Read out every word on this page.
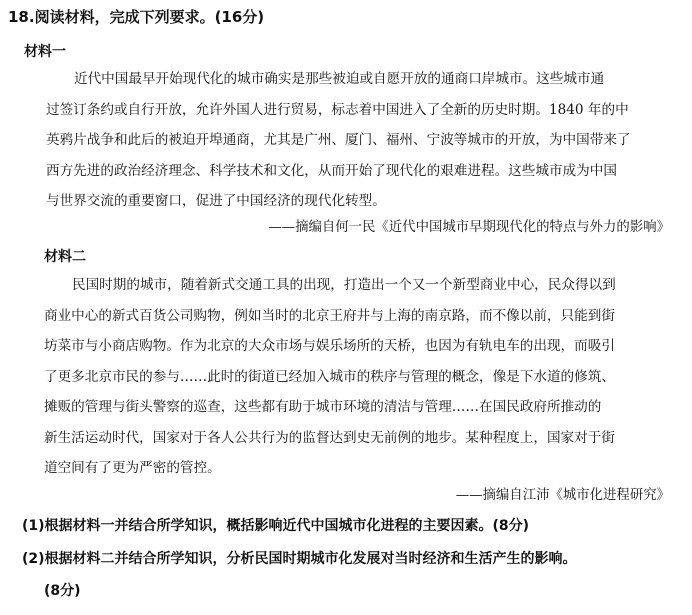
18.阅读材料，完成下列要求。(16分)
材料一
近代中国最早开始现代化的城市确实是那些被迫或自愿开放的通商口岸城市。这些城市通
过签订条约或自行开放，允许外国人进行贸易，标志着中国进入了全新的历史时期。1840 年的中
英鸦片战争和此后的被迫开埠通商，尤其是广州、厦门、福州、宁波等城市的开放，为中国带来了
西方先进的政治经济理念、科学技术和文化，从而开始了现代化的艰难进程。这些城市成为中国
与世界交流的重要窗口，促进了中国经济的现代化转型。
——摘编自何一民《近代中国城市早期现代化的特点与外力的影响》
材料二
民国时期的城市，随着新式交通工具的出现，打造出一个又一个新型商业中心，民众得以到
商业中心的新式百货公司购物，例如当时的北京王府井与上海的南京路，而不像以前，只能到街
坊菜市与小商店购物。作为北京的大众市场与娱乐场所的天桥，也因为有轨电车的出现，而吸引
了更多北京市民的参与……此时的街道已经加入城市的秩序与管理的概念，像是下水道的修筑、
摊贩的管理与街头警察的巡查，这些都有助于城市环境的清洁与管理……在国民政府所推动的
新生活运动时代，国家对于各人公共行为的监督达到史无前例的地步。某种程度上，国家对于街
道空间有了更为严密的管控。
——摘编自江沛《城市化进程研究》
(1)根据材料一并结合所学知识，概括影响近代中国城市化进程的主要因素。(8分)
(2)根据材料二并结合所学知识，分析民国时期城市化发展对当时经济和生活产生的影响。
(8分)
